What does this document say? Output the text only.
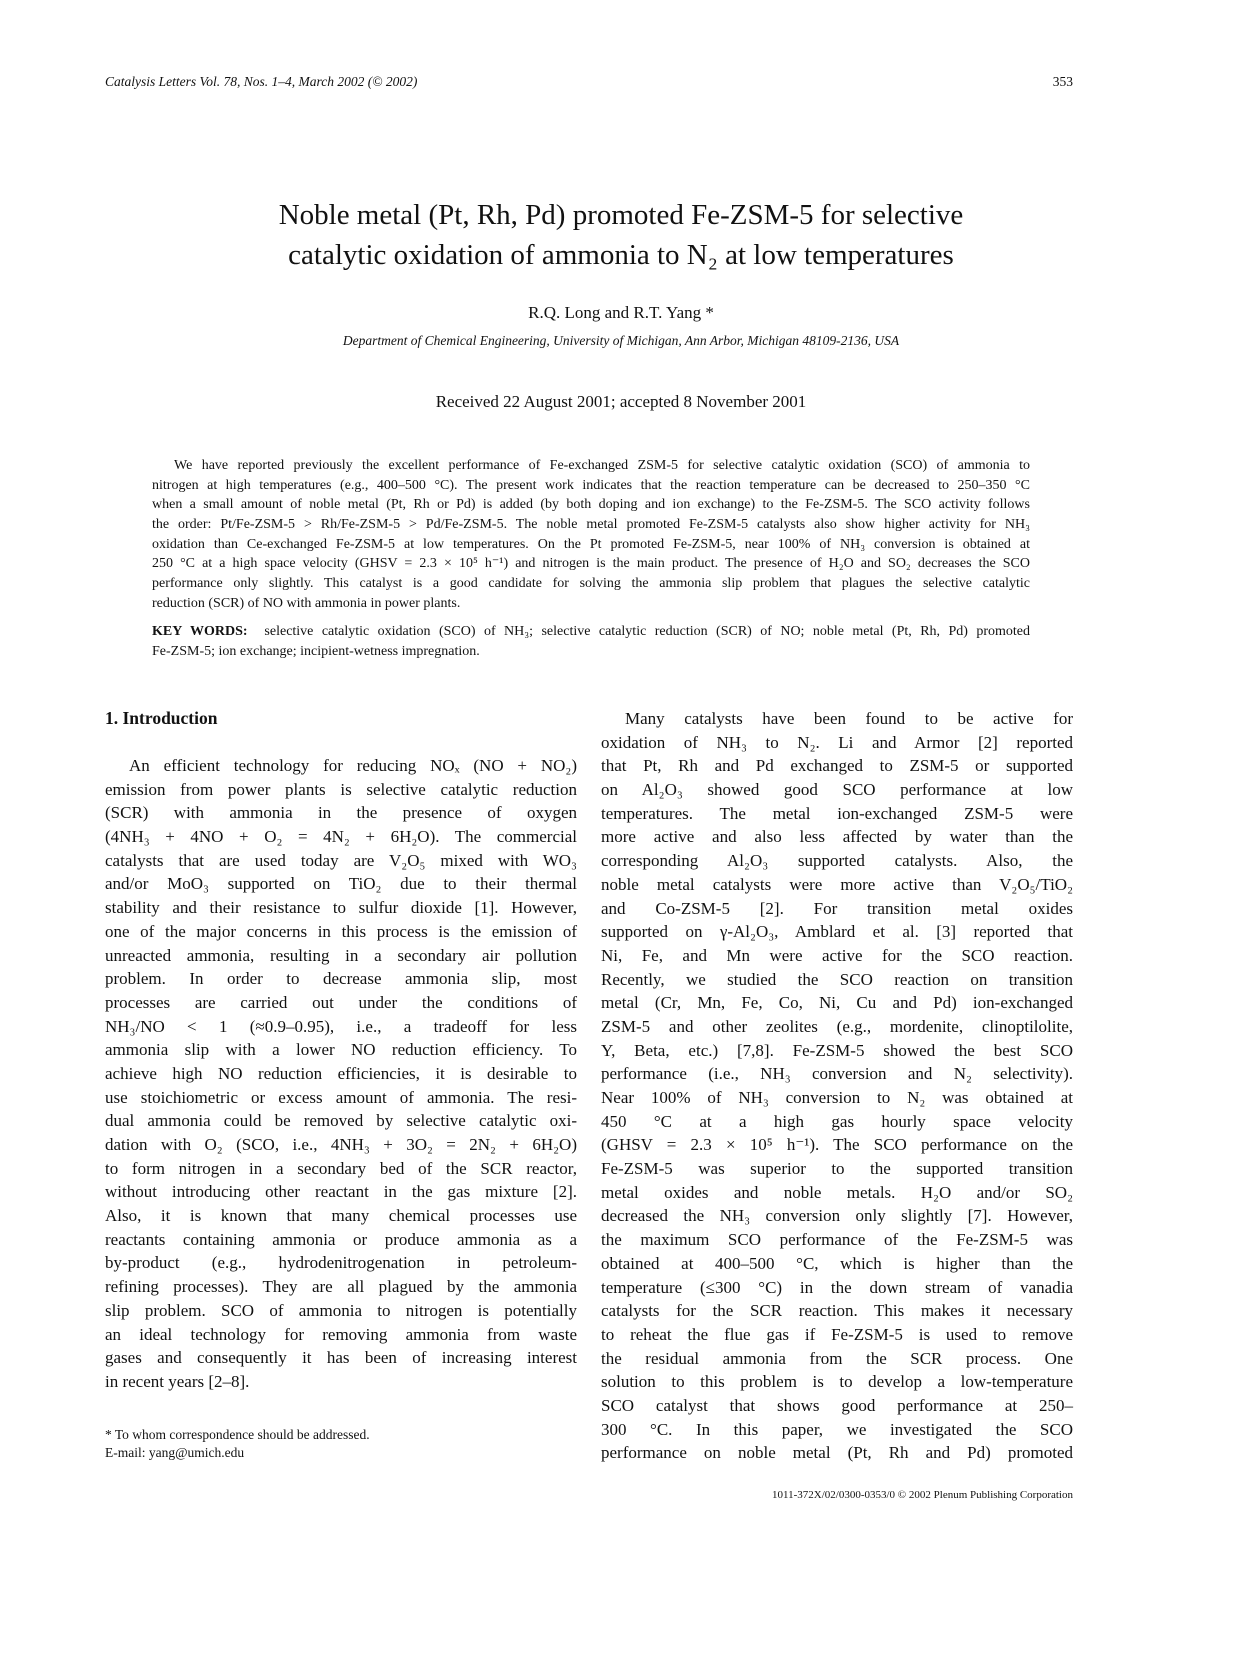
Catalysis Letters Vol. 78, Nos. 1–4, March 2002 (© 2002)	353
Noble metal (Pt, Rh, Pd) promoted Fe-ZSM-5 for selective
catalytic oxidation of ammonia to N₂ at low temperatures
R.Q. Long and R.T. Yang *
Department of Chemical Engineering, University of Michigan, Ann Arbor, Michigan 48109-2136, USA
Received 22 August 2001; accepted 8 November 2001
We have reported previously the excellent performance of Fe-exchanged ZSM-5 for selective catalytic oxidation (SCO) of ammonia to
nitrogen at high temperatures (e.g., 400–500 °C). The present work indicates that the reaction temperature can be decreased to 250–350 °C
when a small amount of noble metal (Pt, Rh or Pd) is added (by both doping and ion exchange) to the Fe-ZSM-5. The SCO activity follows
the order: Pt/Fe-ZSM-5 > Rh/Fe-ZSM-5 > Pd/Fe-ZSM-5. The noble metal promoted Fe-ZSM-5 catalysts also show higher activity for NH₃
oxidation than Ce-exchanged Fe-ZSM-5 at low temperatures. On the Pt promoted Fe-ZSM-5, near 100% of NH₃ conversion is obtained at
250 °C at a high space velocity (GHSV = 2.3 × 10⁵ h⁻¹) and nitrogen is the main product. The presence of H₂O and SO₂ decreases the SCO
performance only slightly. This catalyst is a good candidate for solving the ammonia slip problem that plagues the selective catalytic
reduction (SCR) of NO with ammonia in power plants.
KEY WORDS: selective catalytic oxidation (SCO) of NH₃; selective catalytic reduction (SCR) of NO; noble metal (Pt, Rh, Pd) promoted
Fe-ZSM-5; ion exchange; incipient-wetness impregnation.
1. Introduction
An efficient technology for reducing NOₓ (NO + NO₂)
emission from power plants is selective catalytic reduction
(SCR) with ammonia in the presence of oxygen
(4NH₃ + 4NO + O₂ = 4N₂ + 6H₂O). The commercial
catalysts that are used today are V₂O₅ mixed with WO₃
and/or MoO₃ supported on TiO₂ due to their thermal
stability and their resistance to sulfur dioxide [1]. However,
one of the major concerns in this process is the emission of
unreacted ammonia, resulting in a secondary air pollution
problem. In order to decrease ammonia slip, most
processes are carried out under the conditions of
NH₃/NO < 1 (≈0.9–0.95), i.e., a tradeoff for less
ammonia slip with a lower NO reduction efficiency. To
achieve high NO reduction efficiencies, it is desirable to
use stoichiometric or excess amount of ammonia. The resi-
dual ammonia could be removed by selective catalytic oxi-
dation with O₂ (SCO, i.e., 4NH₃ + 3O₂ = 2N₂ + 6H₂O)
to form nitrogen in a secondary bed of the SCR reactor,
without introducing other reactant in the gas mixture [2].
Also, it is known that many chemical processes use
reactants containing ammonia or produce ammonia as a
by-product (e.g., hydrodenitrogenation in petroleum-
refining processes). They are all plagued by the ammonia
slip problem. SCO of ammonia to nitrogen is potentially
an ideal technology for removing ammonia from waste
gases and consequently it has been of increasing interest
in recent years [2–8].
Many catalysts have been found to be active for
oxidation of NH₃ to N₂. Li and Armor [2] reported
that Pt, Rh and Pd exchanged to ZSM-5 or supported
on Al₂O₃ showed good SCO performance at low
temperatures. The metal ion-exchanged ZSM-5 were
more active and also less affected by water than the
corresponding Al₂O₃ supported catalysts. Also, the
noble metal catalysts were more active than V₂O₅/TiO₂
and Co-ZSM-5 [2]. For transition metal oxides
supported on γ-Al₂O₃, Amblard et al. [3] reported that
Ni, Fe, and Mn were active for the SCO reaction.
Recently, we studied the SCO reaction on transition
metal (Cr, Mn, Fe, Co, Ni, Cu and Pd) ion-exchanged
ZSM-5 and other zeolites (e.g., mordenite, clinoptilolite,
Y, Beta, etc.) [7,8]. Fe-ZSM-5 showed the best SCO
performance (i.e., NH₃ conversion and N₂ selectivity).
Near 100% of NH₃ conversion to N₂ was obtained at
450 °C at a high gas hourly space velocity
(GHSV = 2.3 × 10⁵ h⁻¹). The SCO performance on the
Fe-ZSM-5 was superior to the supported transition
metal oxides and noble metals. H₂O and/or SO₂
decreased the NH₃ conversion only slightly [7]. However,
the maximum SCO performance of the Fe-ZSM-5 was
obtained at 400–500 °C, which is higher than the
temperature (≤300 °C) in the down stream of vanadia
catalysts for the SCR reaction. This makes it necessary
to reheat the flue gas if Fe-ZSM-5 is used to remove
the residual ammonia from the SCR process. One
solution to this problem is to develop a low-temperature
SCO catalyst that shows good performance at 250–
300 °C. In this paper, we investigated the SCO
performance on noble metal (Pt, Rh and Pd) promoted
* To whom correspondence should be addressed.
E-mail: yang@umich.edu
1011-372X/02/0300-0353/0 © 2002 Plenum Publishing Corporation
